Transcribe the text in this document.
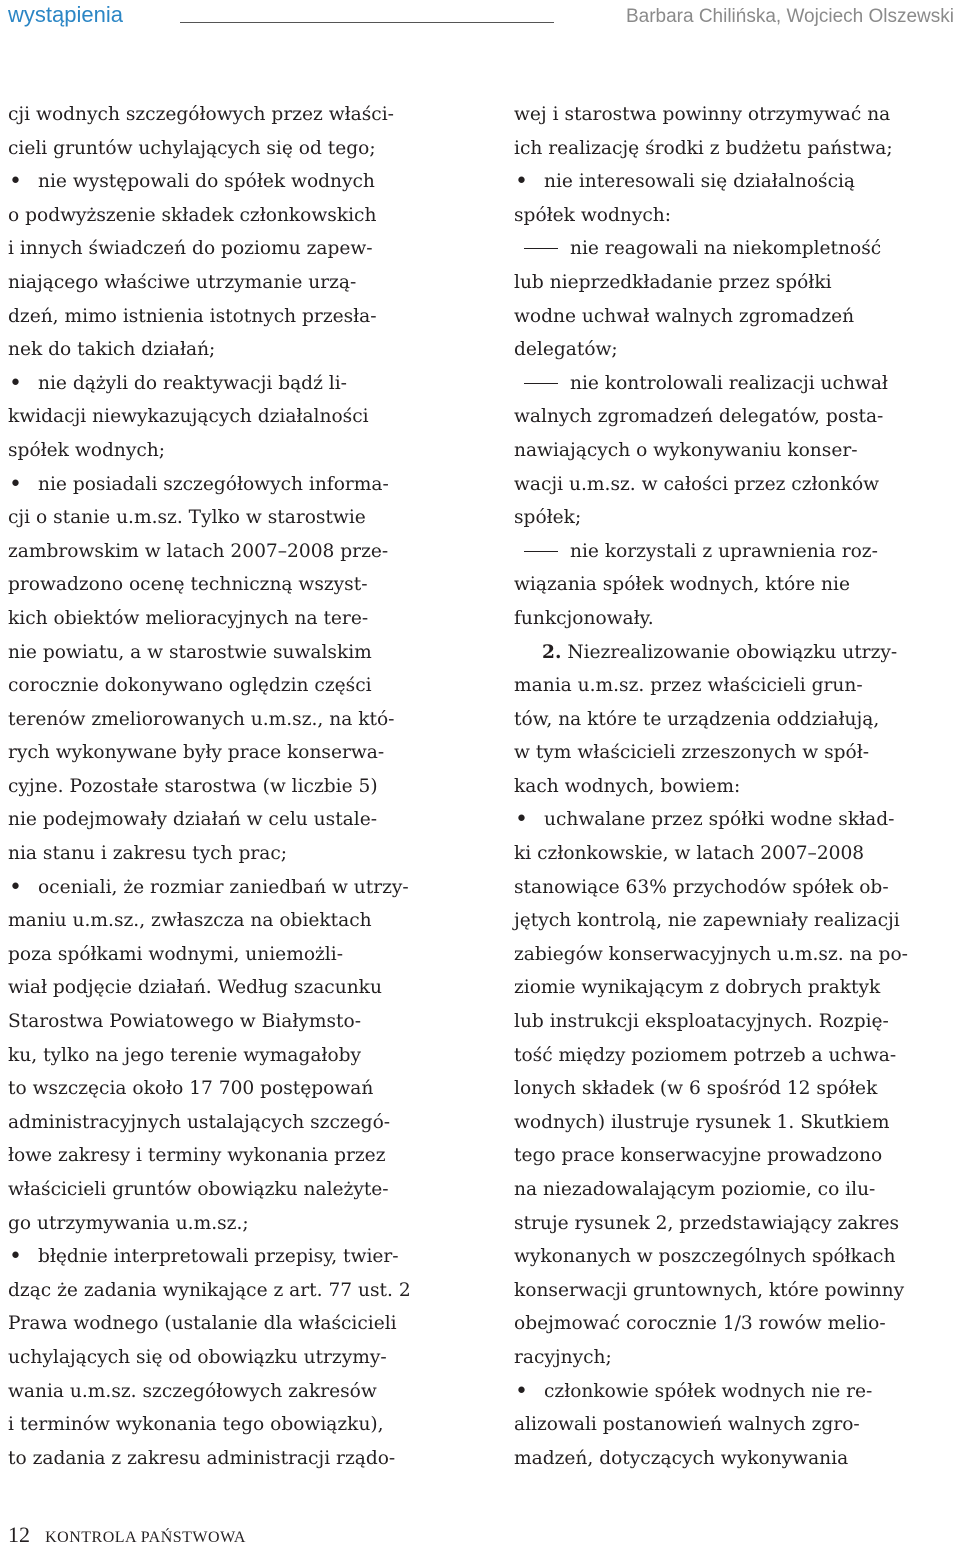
wystąpienia	Barbara Chilińska, Wojciech Olszewski
cji wodnych szczegółowych przez właści-
cieli gruntów uchylających się od tego;
• nie występowali do spółek wodnych
o podwyższenie składek członkowskich
i innych świadczeń do poziomu zapew-
niającego właściwe utrzymanie urzą-
dzeń, mimo istnienia istotnych przesła-
nek do takich działań;
• nie dążyli do reaktywacji bądź li-
kwidacji niewykazujących działalności
spółek wodnych;
• nie posiadali szczegółowych informa-
cji o stanie u.m.sz. Tylko w starostwie
zambrowskim w latach 2007–2008 prze-
prowadzono ocenę techniczną wszyst-
kich obiektów melioracyjnych na tere-
nie powiatu, a w starostwie suwalskim
corocznie dokonywano oględzin części
terenów zmeliorowanych u.m.sz., na któ-
rych wykonywane były prace konserwa-
cyjne. Pozostałe starostwa (w liczbie 5)
nie podejmowały działań w celu ustale-
nia stanu i zakresu tych prac;
• oceniali, że rozmiar zaniedbań w utrzy-
maniu u.m.sz., zwłaszcza na obiektach
poza spółkami wodnymi, uniemożli-
wiał podjęcie działań. Według szacunku
Starostwa Powiatowego w Białymsto-
ku, tylko na jego terenie wymagałoby
to wszczęcia około 17 700 postępowań
administracyjnych ustalających szczegó-
łowe zakresy i terminy wykonania przez
właścicieli gruntów obowiązku należyte-
go utrzymywania u.m.sz.;
• błędnie interpretowali przepisy, twier-
dząc że zadania wynikające z art. 77 ust. 2
Prawa wodnego (ustalanie dla właścicieli
uchylających się od obowiązku utrzymy-
wania u.m.sz. szczegółowych zakresów
i terminów wykonania tego obowiązku),
to zadania z zakresu administracji rządo-
wej i starostwa powinny otrzymywać na
ich realizację środki z budżetu państwa;
• nie interesowali się działalnością
spółek wodnych:
nie reagowali na niekompletność
lub nieprzedkładanie przez spółki
wodne uchwał walnych zgromadzeń
delegatów;
nie kontrolowali realizacji uchwał
walnych zgromadzeń delegatów, posta-
nawiających o wykonywaniu konser-
wacji u.m.sz. w całości przez członków
spółek;
nie korzystali z uprawnienia roz-
wiązania spółek wodnych, które nie
funkcjonowały.
2. Niezrealizowanie obowiązku utrzy-
mania u.m.sz. przez właścicieli grun-
tów, na które te urządzenia oddziałują,
w tym właścicieli zrzeszonych w spół-
kach wodnych, bowiem:
• uchwalane przez spółki wodne skład-
ki członkowskie, w latach 2007–2008
stanowiące 63% przychodów spółek ob-
jętych kontrolą, nie zapewniały realizacji
zabiegów konserwacyjnych u.m.sz. na po-
ziomie wynikającym z dobrych praktyk
lub instrukcji eksploatacyjnych. Rozpię-
tość między poziomem potrzeb a uchwa-
lonych składek (w 6 spośród 12 spółek
wodnych) ilustruje rysunek 1. Skutkiem
tego prace konserwacyjne prowadzono
na niezadowalającym poziomie, co ilu-
struje rysunek 2, przedstawiający zakres
wykonanych w poszczególnych spółkach
konserwacji gruntownych, które powinny
obejmować corocznie 1/3 rowów melio-
racyjnych;
• członkowie spółek wodnych nie re-
alizowali postanowień walnych zgro-
madzeń, dotyczących wykonywania
12 KONTROLA PAŃSTWOWA
